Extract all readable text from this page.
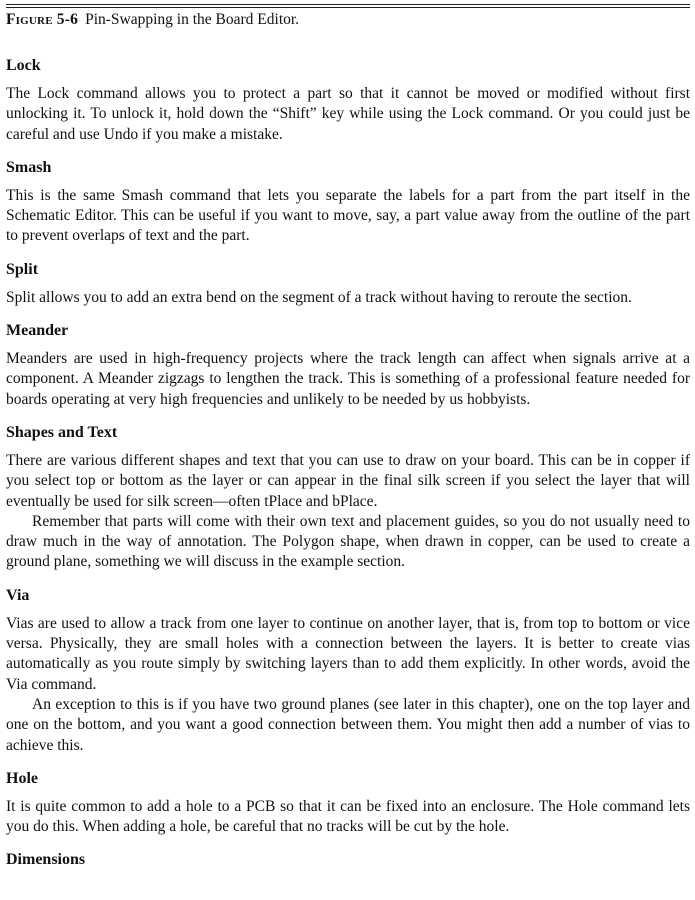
Figure 5-6 Pin-Swapping in the Board Editor.
Lock

The Lock command allows you to protect a part so that it cannot be moved or modified without first unlocking it. To unlock it, hold down the “Shift” key while using the Lock command. Or you could just be careful and use Undo if you make a mistake.

Smash

This is the same Smash command that lets you separate the labels for a part from the part itself in the Schematic Editor. This can be useful if you want to move, say, a part value away from the outline of the part to prevent overlaps of text and the part.

Split

Split allows you to add an extra bend on the segment of a track without having to reroute the section.

Meander

Meanders are used in high-frequency projects where the track length can affect when signals arrive at a component. A Meander zigzags to lengthen the track. This is something of a professional feature needed for boards operating at very high frequencies and unlikely to be needed by us hobbyists.

Shapes and Text

There are various different shapes and text that you can use to draw on your board. This can be in copper if you select top or bottom as the layer or can appear in the final silk screen if you select the layer that will eventually be used for silk screen—often tPlace and bPlace.

Remember that parts will come with their own text and placement guides, so you do not usually need to draw much in the way of annotation. The Polygon shape, when drawn in copper, can be used to create a ground plane, something we will discuss in the example section.

Via

Vias are used to allow a track from one layer to continue on another layer, that is, from top to bottom or vice versa. Physically, they are small holes with a connection between the layers. It is better to create vias automatically as you route simply by switching layers than to add them explicitly. In other words, avoid the Via command.

An exception to this is if you have two ground planes (see later in this chapter), one on the top layer and one on the bottom, and you want a good connection between them. You might then add a number of vias to achieve this.

Hole

It is quite common to add a hole to a PCB so that it can be fixed into an enclosure. The Hole command lets you do this. When adding a hole, be careful that no tracks will be cut by the hole.

Dimensions
